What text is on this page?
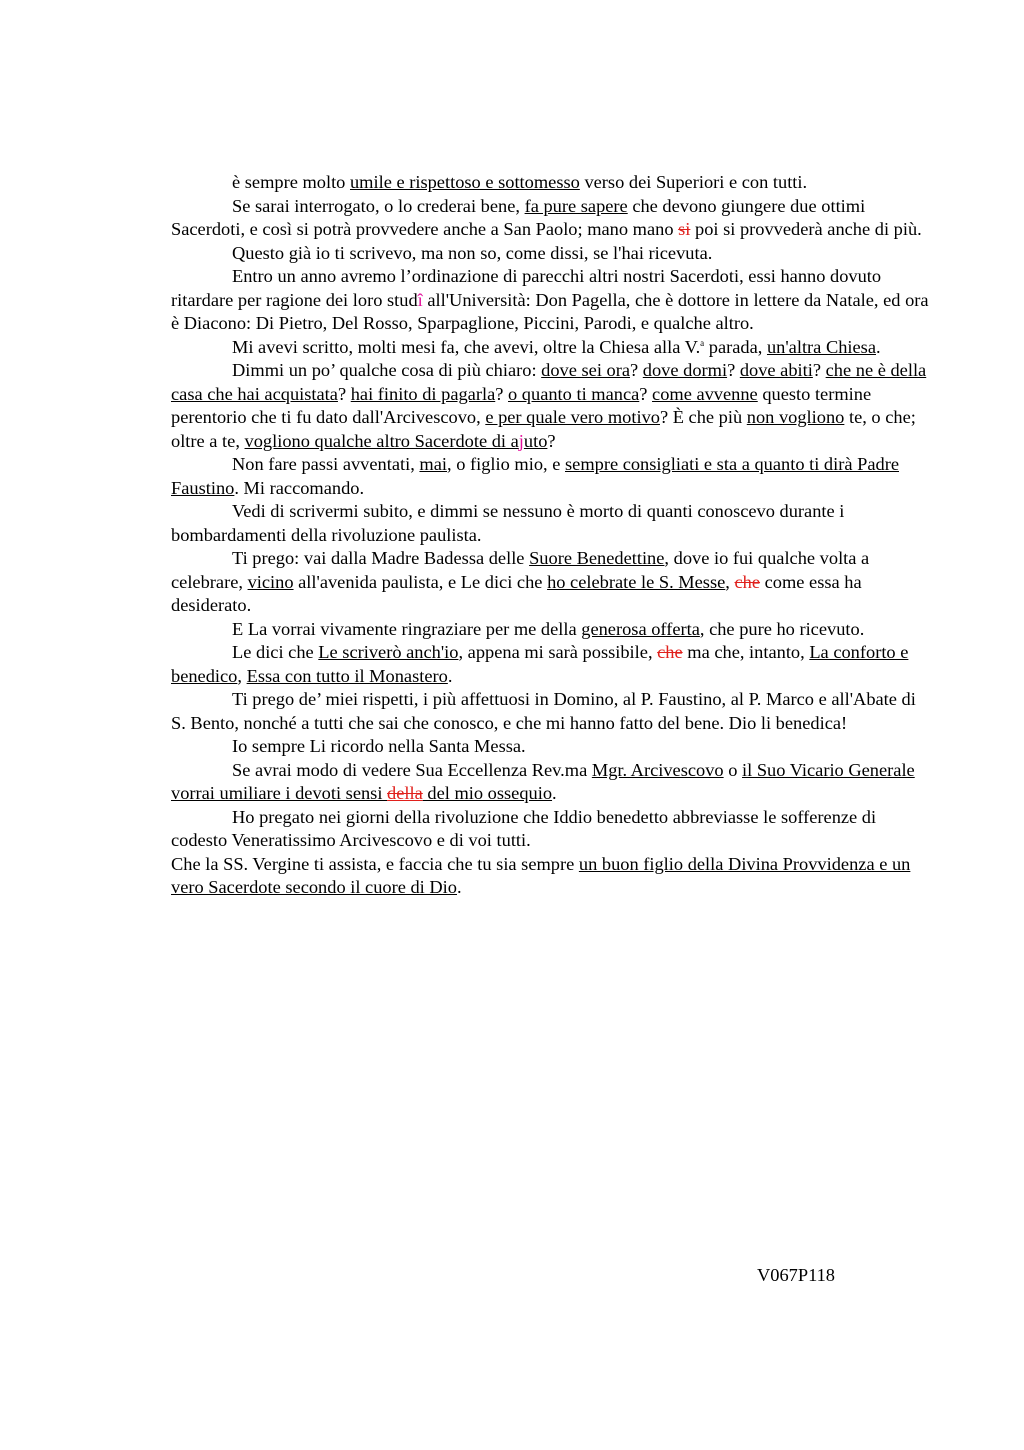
è sempre molto umile e rispettoso e sottomesso verso dei Superiori e con tutti.

Se sarai interrogato, o lo crederai bene, fa pure sapere che devono giungere due ottimi Sacerdoti, e così si potrà provvedere anche a San Paolo; mano mano si poi si provvederà anche di più.

Questo già io ti scrivevo, ma non so, come dissi, se l'hai ricevuta.

Entro un anno avremo l’ordinazione di parecchi altri nostri Sacerdoti, essi hanno dovuto ritardare per ragione dei loro studî all'Università: Don Pagella, che è dottore in lettere da Natale, ed ora è Diacono: Di Pietro, Del Rosso, Sparpaglione, Piccini, Parodi, e qualche altro.

Mi avevi scritto, molti mesi fa, che avevi, oltre la Chiesa alla V.$^a$ parada, un'altra Chiesa.

Dimmi un po’ qualche cosa di più chiaro: dove sei ora? dove dormi? dove abiti? che ne è della casa che hai acquistata? hai finito di pagarla? o quanto ti manca? come avvenne questo termine perentorio che ti fu dato dall'Arcivescovo, e per quale vero motivo? È che più non vogliono te, o che; oltre a te, vogliono qualche altro Sacerdote di ajuto?

Non fare passi avventati, mai, o figlio mio, e sempre consigliati e sta a quanto ti dirà Padre Faustino. Mi raccomando.

Vedi di scrivermi subito, e dimmi se nessuno è morto di quanti conoscevo durante i bombardamenti della rivoluzione paulista.

Ti prego: vai dalla Madre Badessa delle Suore Benedettine, dove io fui qualche volta a celebrare, vicino all'avenida paulista, e Le dici che ho celebrate le S. Messe, che come essa ha desiderato.

E La vorrai vivamente ringraziare per me della generosa offerta, che pure ho ricevuto.

Le dici che Le scriverò anch'io, appena mi sarà possibile, che ma che, intanto, La conforto e benedico, Essa con tutto il Monastero.

Ti prego de’ miei rispetti, i più affettuosi in Domino, al P. Faustino, al P. Marco e all'Abate di S. Bento, nonché a tutti che sai che conosco, e che mi hanno fatto del bene. Dio li benedica!

Io sempre Li ricordo nella Santa Messa.

Se avrai modo di vedere Sua Eccellenza Rev.ma Mgr. Arcivescovo o il Suo Vicario Generale vorrai umiliare i devoti sensi della del mio ossequio.

Ho pregato nei giorni della rivoluzione che Iddio benedetto abbreviasse le sofferenze di codesto Veneratissimo Arcivescovo e di voi tutti.

Che la SS. Vergine ti assista, e faccia che tu sia sempre un buon figlio della Divina Provvidenza e un vero Sacerdote secondo il cuore di Dio.

V067P118
